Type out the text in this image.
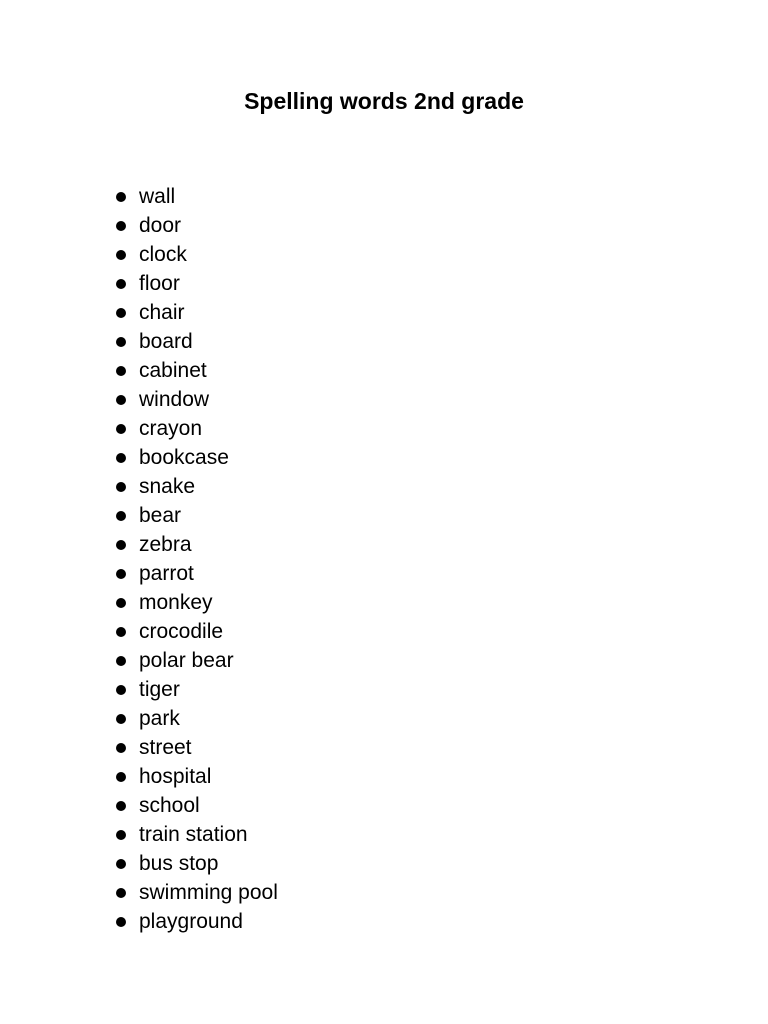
Spelling words 2nd grade
wall
door
clock
floor
chair
board
cabinet
window
crayon
bookcase
snake
bear
zebra
parrot
monkey
crocodile
polar bear
tiger
park
street
hospital
school
train station
bus stop
swimming pool
playground
